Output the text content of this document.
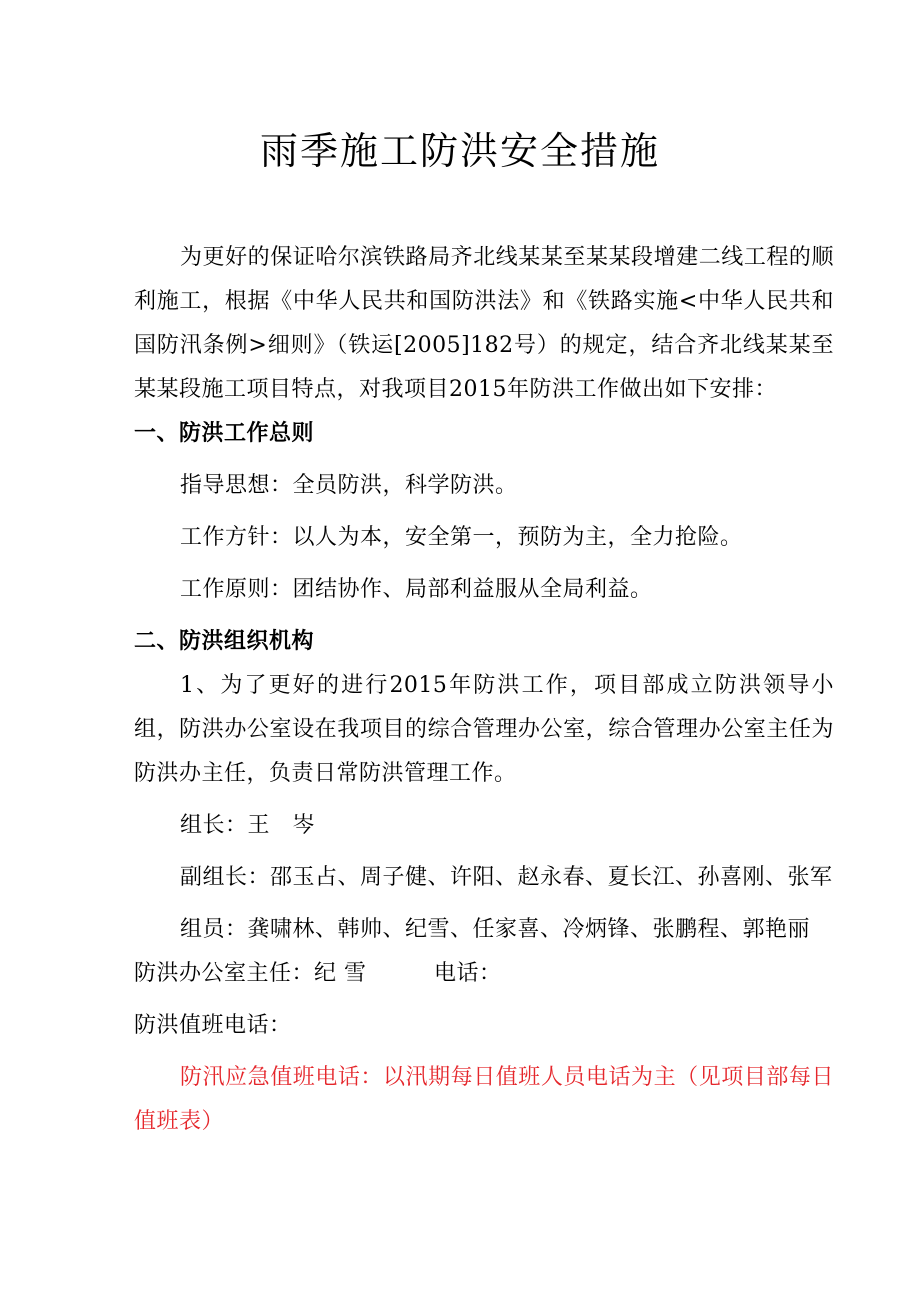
雨季施工防洪安全措施

为更好的保证哈尔滨铁路局齐北线某某至某某段增建二线工程的顺利施工，根据《中华人民共和国防洪法》和《铁路实施<中华人民共和国防汛条例>细则》（铁运[2005]182号）的规定，结合齐北线某某至某某段施工项目特点，对我项目2015年防洪工作做出如下安排：

一、防洪工作总则

指导思想：全员防洪，科学防洪。

工作方针：以人为本，安全第一，预防为主，全力抢险。

工作原则：团结协作、局部利益服从全局利益。

二、防洪组织机构

1、为了更好的进行2015年防洪工作，项目部成立防洪领导小组，防洪办公室设在我项目的综合管理办公室，综合管理办公室主任为防洪办主任，负责日常防洪管理工作。

组长：王　岑

副组长：邵玉占、周子健、许阳、赵永春、夏长江、孙喜刚、张军

组员：龚啸林、韩帅、纪雪、任家喜、冷炳锋、张鹏程、郭艳丽

防洪办公室主任：纪 雪　　　电话：

防洪值班电话：

防汛应急值班电话：以汛期每日值班人员电话为主（见项目部每日值班表）
